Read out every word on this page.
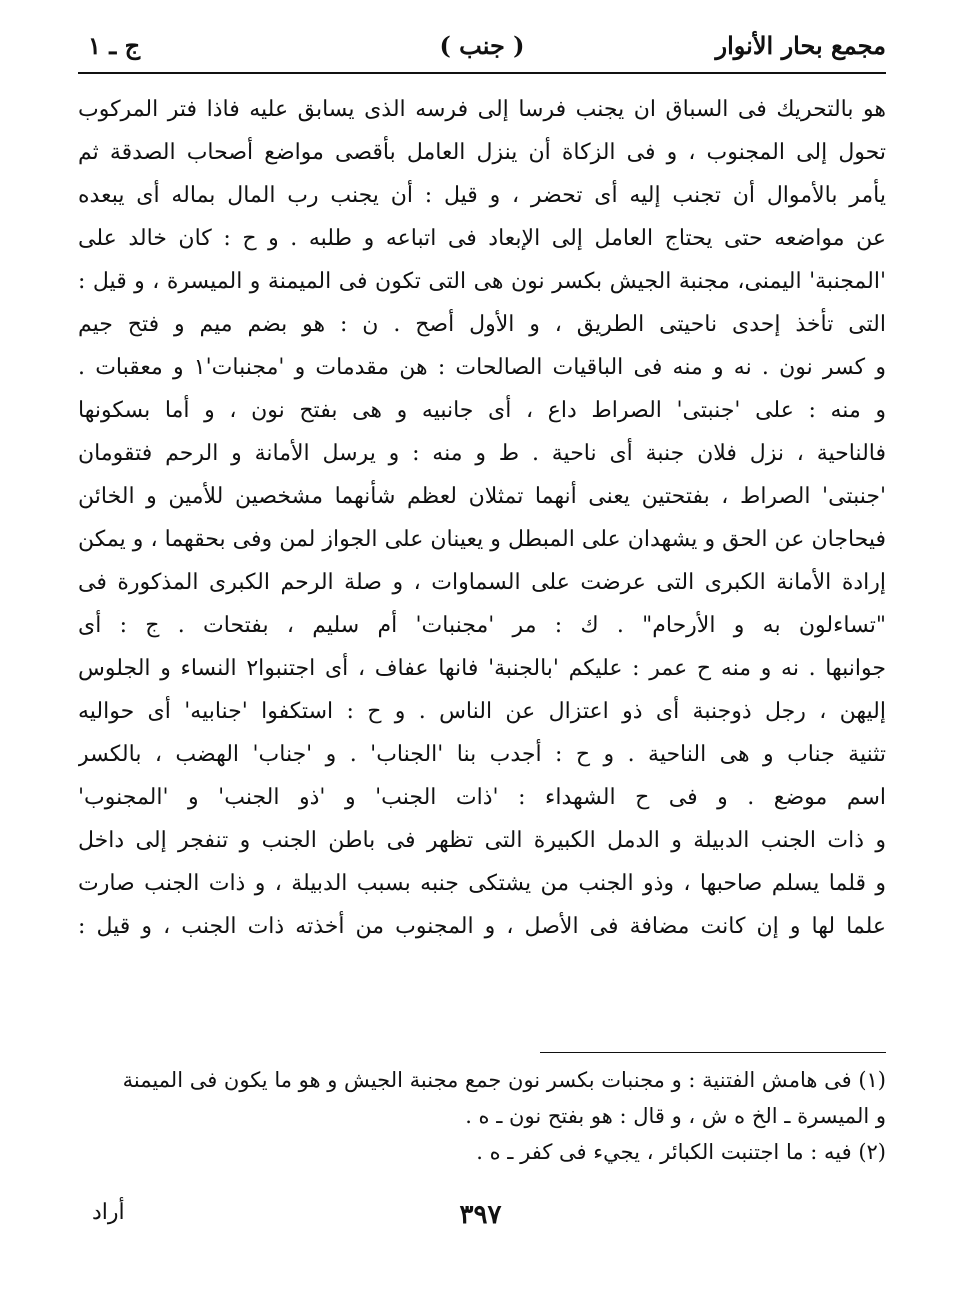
مجمع بحار الأنوار
( جنب )
ج ـ ١
هو بالتحريك فى السباق ان يجنب فرسا إلى فرسه الذى يسابق عليه فاذا فتر المركوب
تحول إلى المجنوب ، و فى الزكاة أن ينزل العامل بأقصى مواضع أصحاب الصدقة ثم
يأمر بالأموال أن تجنب إليه أى تحضر ، و قيل : أن يجنب رب المال بماله أى يبعده
عن مواضعه حتى يحتاج العامل إلى الإبعاد فى اتباعه و طلبه . و ح : كان خالد على
'المجنبة' اليمنى، مجنبة الجيش بكسر نون هى التى تكون فى الميمنة و الميسرة ، و قيل :
التى تأخذ إحدى ناحيتى الطريق ، و الأول أصح . ن : هو بضم ميم و فتح جيم
و كسر نون . نه و منه فى الباقيات الصالحات : هن مقدمات و 'مجنبات'١ و معقبات .
و منه : على 'جنبتى' الصراط داع ، أى جانبيه و هى بفتح نون ، و أما بسكونها
فالناحية ، نزل فلان جنبة أى ناحية . ط و منه : و يرسل الأمانة و الرحم فتقومان
'جنبتى' الصراط ، بفتحتين يعنى أنهما تمثلان لعظم شأنهما مشخصين للأمين و الخائن
فيحاجان عن الحق و يشهدان على المبطل و يعينان على الجواز لمن وفى بحقهما ، و يمكن
إرادة الأمانة الكبرى التى عرضت على السماوات ، و صلة الرحم الكبرى المذكورة فى
"تساءلون به و الأرحام" . ك : مر 'مجنبات' أم سليم ، بفتحات . ج : أى
جوانبها . نه و منه ح عمر : عليكم 'بالجنبة' فانها عفاف ، أى اجتنبوا٢ النساء و الجلوس
إليهن ، رجل ذوجنبة أى ذو اعتزال عن الناس . و ح : استكفوا 'جنابيه' أى حواليه
تثنية جناب و هى الناحية . و ح : أجدب بنا 'الجناب' . و 'جناب' الهضب ، بالكسر
اسم موضع . و فى ح الشهداء : 'ذات الجنب' و 'ذو الجنب' و 'المجنوب'
و ذات الجنب الدبيلة و الدمل الكبيرة التى تظهر فى باطن الجنب و تنفجر إلى داخل
و قلما يسلم صاحبها ، وذو الجنب من يشتكى جنبه بسبب الدبيلة ، و ذات الجنب صارت
علما لها و إن كانت مضافة فى الأصل ، و المجنوب من أخذته ذات الجنب ، و قيل :
(١) فى هامش الفتنية : و مجنبات بكسر نون جمع مجنبة الجيش و هو ما يكون فى الميمنة
و الميسرة ـ الخ ه ش ، و قال : هو بفتح نون ـ ه .
(٢) فيه : ما اجتنبت الكبائر ، يجيء فى كفر ـ ه .
٣٩٧
أراد
